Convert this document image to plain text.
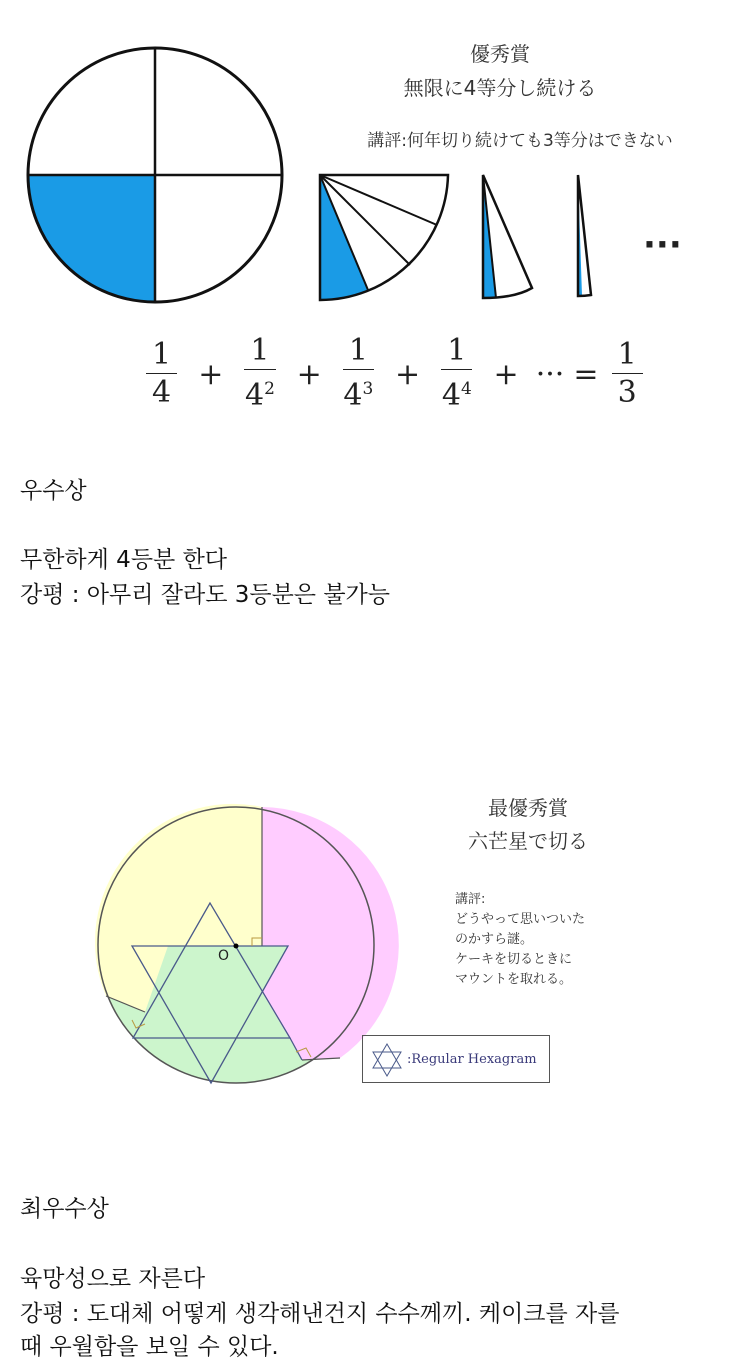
優秀賞
無限に4等分し続ける
講評:何年切り続けても3等分はできない
···
$\frac{1}{4} + \frac{1}{4^2} + \frac{1}{4^3} + \frac{1}{4^4}$ + ··· = $\frac{1}{3}$
우수상
무한하게 4등분 한다
강평 : 아무리 잘라도 3등분은 불가능
O
最優秀賞
六芒星で切る
講評:
どうやって思いついた
のかすら謎。
ケーキを切るときに
マウントを取れる。
:Regular Hexagram
최우수상
육망성으로 자른다
강평 : 도대체 어떻게 생각해낸건지 수수께끼. 케이크를 자를
때 우월함을 보일 수 있다.
